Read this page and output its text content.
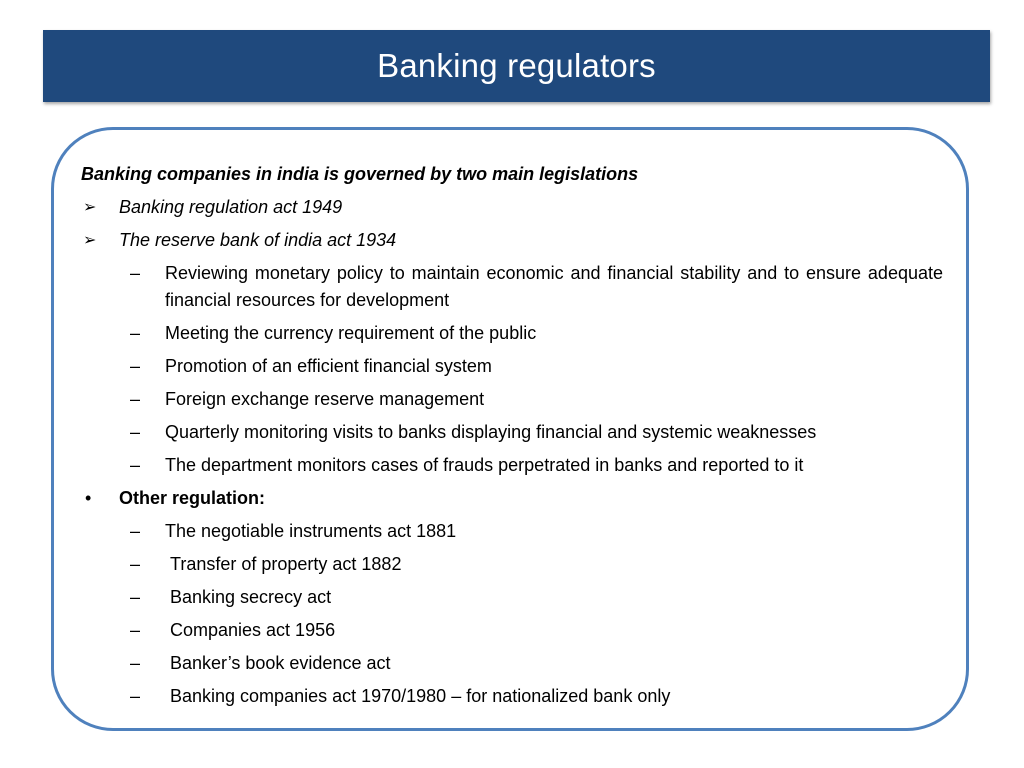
Banking regulators
Banking companies in india is governed by two main legislations
➢ Banking regulation act 1949
➢ The reserve bank of india act 1934
– Reviewing monetary policy to maintain economic and financial stability and to ensure adequate financial resources for development
– Meeting the currency requirement of the public
– Promotion of an efficient financial system
– Foreign exchange reserve management
– Quarterly monitoring visits to banks displaying financial and systemic weaknesses
– The department monitors cases of frauds perpetrated in banks and reported to it
• Other regulation:
– The negotiable instruments act 1881
– Transfer of property act 1882
– Banking secrecy act
– Companies act 1956
– Banker’s book evidence act
– Banking companies act 1970/1980 – for nationalized bank only
